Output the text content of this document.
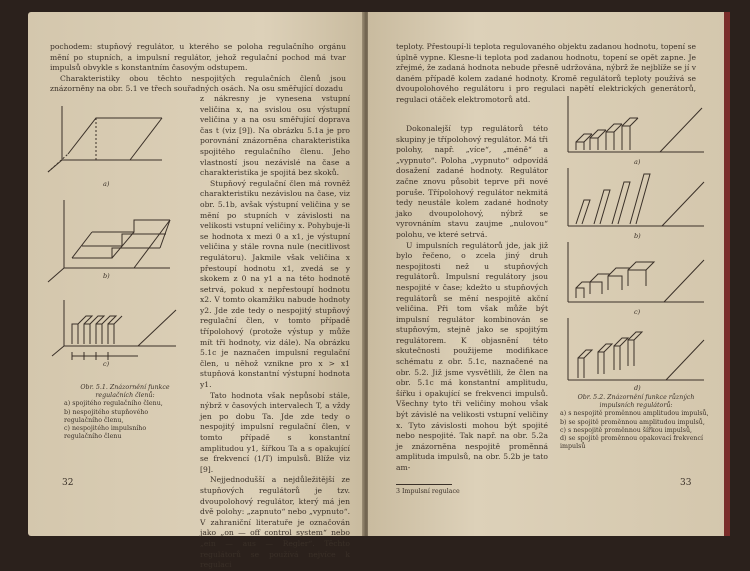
pochodem: stupňový regulátor, u kterého se poloha regulačního orgánu mění po stupních, a impulsní regulátor, jehož regulační pochod má tvar impulsů obvykle s konstantním časovým odstupem.

Charakteristiky obou těchto nespojitých regulačních členů jsou znázorněny na obr. 5.1 ve třech souřadných osách. Na osu směřující dozadu

a)
b)
c)

Obr. 5.1. Znázornění funkce regulačních členů:

a) spojitého regulačního členu,

b) nespojitého stupňového regulačního členu,

c) nespojitého impulsního regulačního členu

z nákresny je vynesena vstupní veličina x, na svislou osu výstupní veličina y a na osu směřující doprava čas t (viz [9]). Na obrázku 5.1a je pro porovnání znázorněna charakteristika spojitého regulačního členu. Jeho vlastností jsou nezávislé na čase a charakteristika je spojitá bez skoků.

Stupňový regulační člen má rovněž charakteristiku nezávislou na čase, viz obr. 5.1b, avšak výstupní veličina y se mění po stupních v závislosti na velikosti vstupní veličiny x. Pohybuje-li se hodnota x mezi 0 a x1, je výstupní veličina y stále rovna nule (necitlivost regulátoru). Jakmile však veličina x přestoupí hodnotu x1, zvedá se y skokem z 0 na y1 a na této hodnotě setrvá, pokud x nepřestoupí hodnotu x2. V tomto okamžiku nabude hodnoty y2. Jde zde tedy o nespojitý stupňový regulační člen, v tomto případě třípolohový (protože výstup y může mít tři hodnoty, viz dále). Na obrázku 5.1c je naznačen impulsní regulační člen, u něhož vznikne pro x > x1 stupňová konstantní výstupní hodnota y1.

Tato hodnota však nepůsobí stále, nýbrž v časových intervalech T, a vždy jen po dobu Ta. Jde zde tedy o nespojitý impulsní regulační člen, v tomto případě s konstantní amplitudou y1, šířkou Ta a s opakující se frekvencí (1/T) impulsů. Blíže viz [9].

Nejjednodušší a nejdůležitější ze stupňových regulátorů je tzv. dvoupolohový regulátor, který má jen dvě polohy: „zapnuto“ nebo „vypnuto“. V zahraniční literatuře je označován jako „on — off control system“ nebo „ein — aus — Regler“. Těchto regulátorů se používá nejvíce k regulaci

32

teploty. Přestoupí-li teplota regulovaného objektu zadanou hodnotu, topení se úplně vypne. Klesne-li teplota pod zadanou hodnotu, topení se opět zapne. Je zřejmé, že zadaná hodnota nebude přesně udržována, nýbrž že nejblíže se jí v daném případě kolem zadané hodnoty. Kromě regulátorů teploty používá se dvoupolohového regulátoru i pro regulaci napětí elektrických generátorů, regulaci otáček elektromotorů atd.

Dokonalejší typ regulátorů této skupiny je třípolohový regulátor. Má tři polohy, např. „více“, „méně“ a „vypnuto“. Poloha „vypnuto“ odpovídá dosažení zadané hodnoty. Regulátor začne znovu působit teprve při nové poruše. Třípolohový regulátor nekmitá tedy neustále kolem zadané hodnoty jako dvoupolohový, nýbrž se vyrovnáním stavu zaujme „nulovou“ polohu, ve které setrvá.

U impulsních regulátorů jde, jak již bylo řečeno, o zcela jiný druh nespojitosti než u stupňových regulátorů. Impulsní regulátory jsou nespojité v čase; kdežto u stupňových regulátorů se mění nespojitě akční veličina. Při tom však může být impulsní regulátor kombinován se stupňovým, stejně jako se spojitým regulátorem. K objasnění této skutečnosti použijeme modifikace schématu z obr. 5.1c, naznačené na obr. 5.2. Již jsme vysvětlili, že člen na obr. 5.1c má konstantní amplitudu, šířku i opakující se frekvenci impulsů. Všechny tyto tři veličiny mohou však být závislé na velikosti vstupní veličiny x. Tyto závislosti mohou být spojité nebo nespojité. Tak např. na obr. 5.2a je znázorněna nespojitě proměnná amplituda impulsů, na obr. 5.2b je tato am-

a)
b)
c)
d)

Obr. 5.2. Znázornění funkce různých impulsních regulátorů:

a) s nespojitě proměnnou amplitudou impulsů,

b) se spojitě proměnnou amplitudou impulsů,

c) s nespojitě proměnnou šířkou impulsů,

d) se spojitě proměnnou opakovací frekvencí impulsů

3 Impulsní regulace
33
